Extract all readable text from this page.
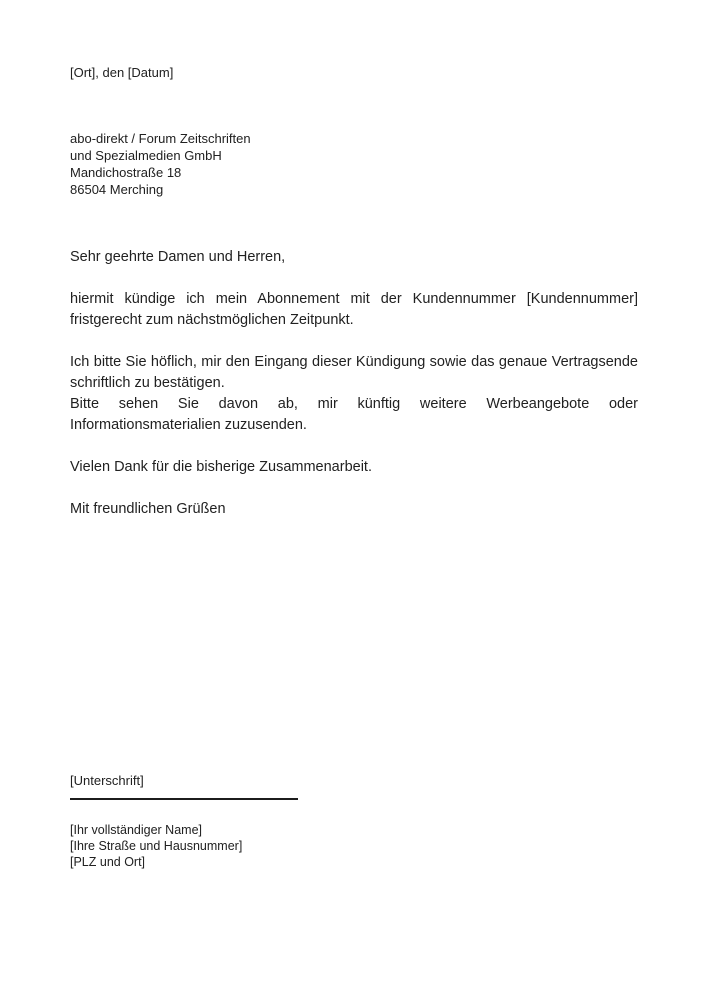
[Ort], den [Datum]
abo-direkt / Forum Zeitschriften
und Spezialmedien GmbH
Mandichostraße 18
86504 Merching
Sehr geehrte Damen und Herren,

hiermit kündige ich mein Abonnement mit der Kundennummer [Kundennummer]
fristgerecht zum nächstmöglichen Zeitpunkt.

Ich bitte Sie höflich, mir den Eingang dieser Kündigung sowie das genaue Vertragsende
schriftlich zu bestätigen.
Bitte sehen Sie davon ab, mir künftig weitere Werbeangebote oder
Informationsmaterialien zuzusenden.

Vielen Dank für die bisherige Zusammenarbeit.

Mit freundlichen Grüßen
[Unterschrift]
[Ihr vollständiger Name]
[Ihre Straße und Hausnummer]
[PLZ und Ort]
